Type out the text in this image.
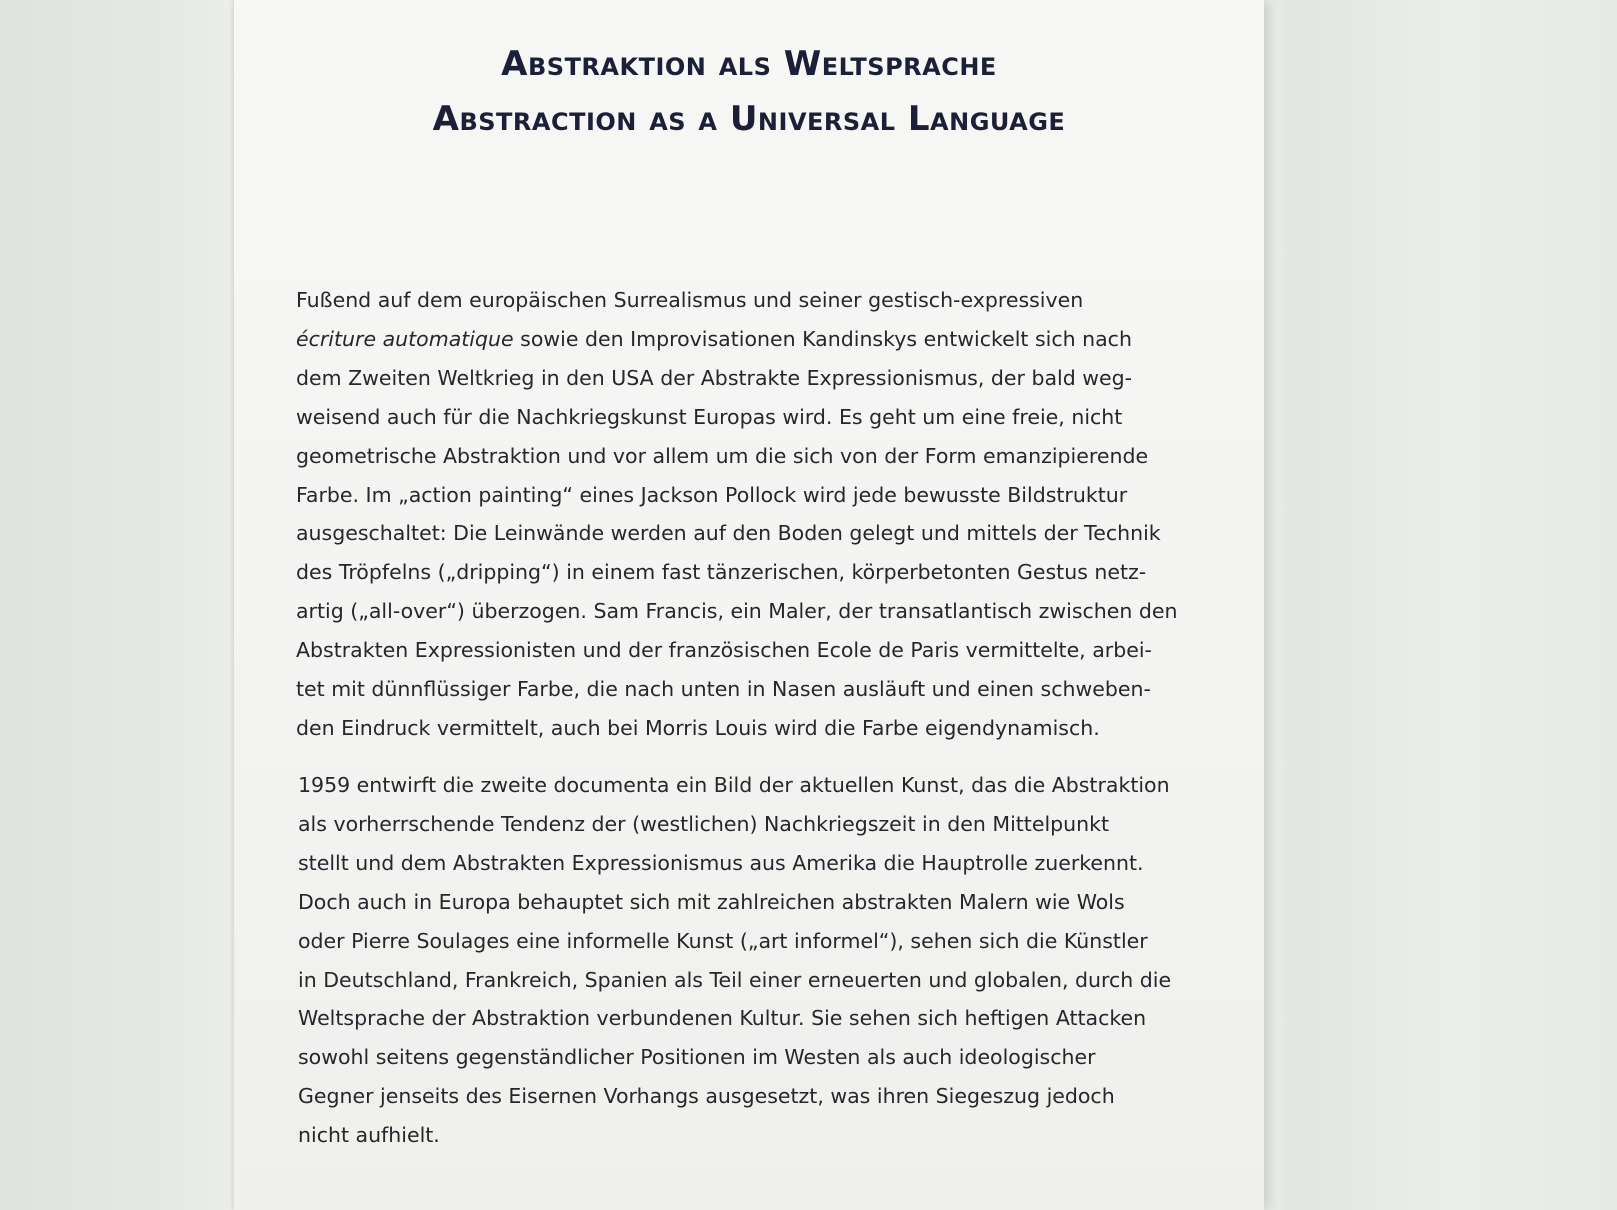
Abstraktion als Weltsprache
Abstraction as a Universal Language
Fußend auf dem europäischen Surrealismus und seiner gestisch-expressiven
écriture automatique sowie den Improvisationen Kandinskys entwickelt sich nach
dem Zweiten Weltkrieg in den USA der Abstrakte Expressionismus, der bald weg-
weisend auch für die Nachkriegskunst Europas wird. Es geht um eine freie, nicht
geometrische Abstraktion und vor allem um die sich von der Form emanzipierende
Farbe. Im „action painting“ eines Jackson Pollock wird jede bewusste Bildstruktur
ausgeschaltet: Die Leinwände werden auf den Boden gelegt und mittels der Technik
des Tröpfelns („dripping“) in einem fast tänzerischen, körperbetonten Gestus netz-
artig („all-over“) überzogen. Sam Francis, ein Maler, der transatlantisch zwischen den
Abstrakten Expressionisten und der französischen Ecole de Paris vermittelte, arbei-
tet mit dünnflüssiger Farbe, die nach unten in Nasen ausläuft und einen schweben-
den Eindruck vermittelt, auch bei Morris Louis wird die Farbe eigendynamisch.
1959 entwirft die zweite documenta ein Bild der aktuellen Kunst, das die Abstraktion
als vorherrschende Tendenz der (westlichen) Nachkriegszeit in den Mittelpunkt
stellt und dem Abstrakten Expressionismus aus Amerika die Hauptrolle zuerkennt.
Doch auch in Europa behauptet sich mit zahlreichen abstrakten Malern wie Wols
oder Pierre Soulages eine informelle Kunst („art informel“), sehen sich die Künstler
in Deutschland, Frankreich, Spanien als Teil einer erneuerten und globalen, durch die
Weltsprache der Abstraktion verbundenen Kultur. Sie sehen sich heftigen Attacken
sowohl seitens gegenständlicher Positionen im Westen als auch ideologischer
Gegner jenseits des Eisernen Vorhangs ausgesetzt, was ihren Siegeszug jedoch
nicht aufhielt.
